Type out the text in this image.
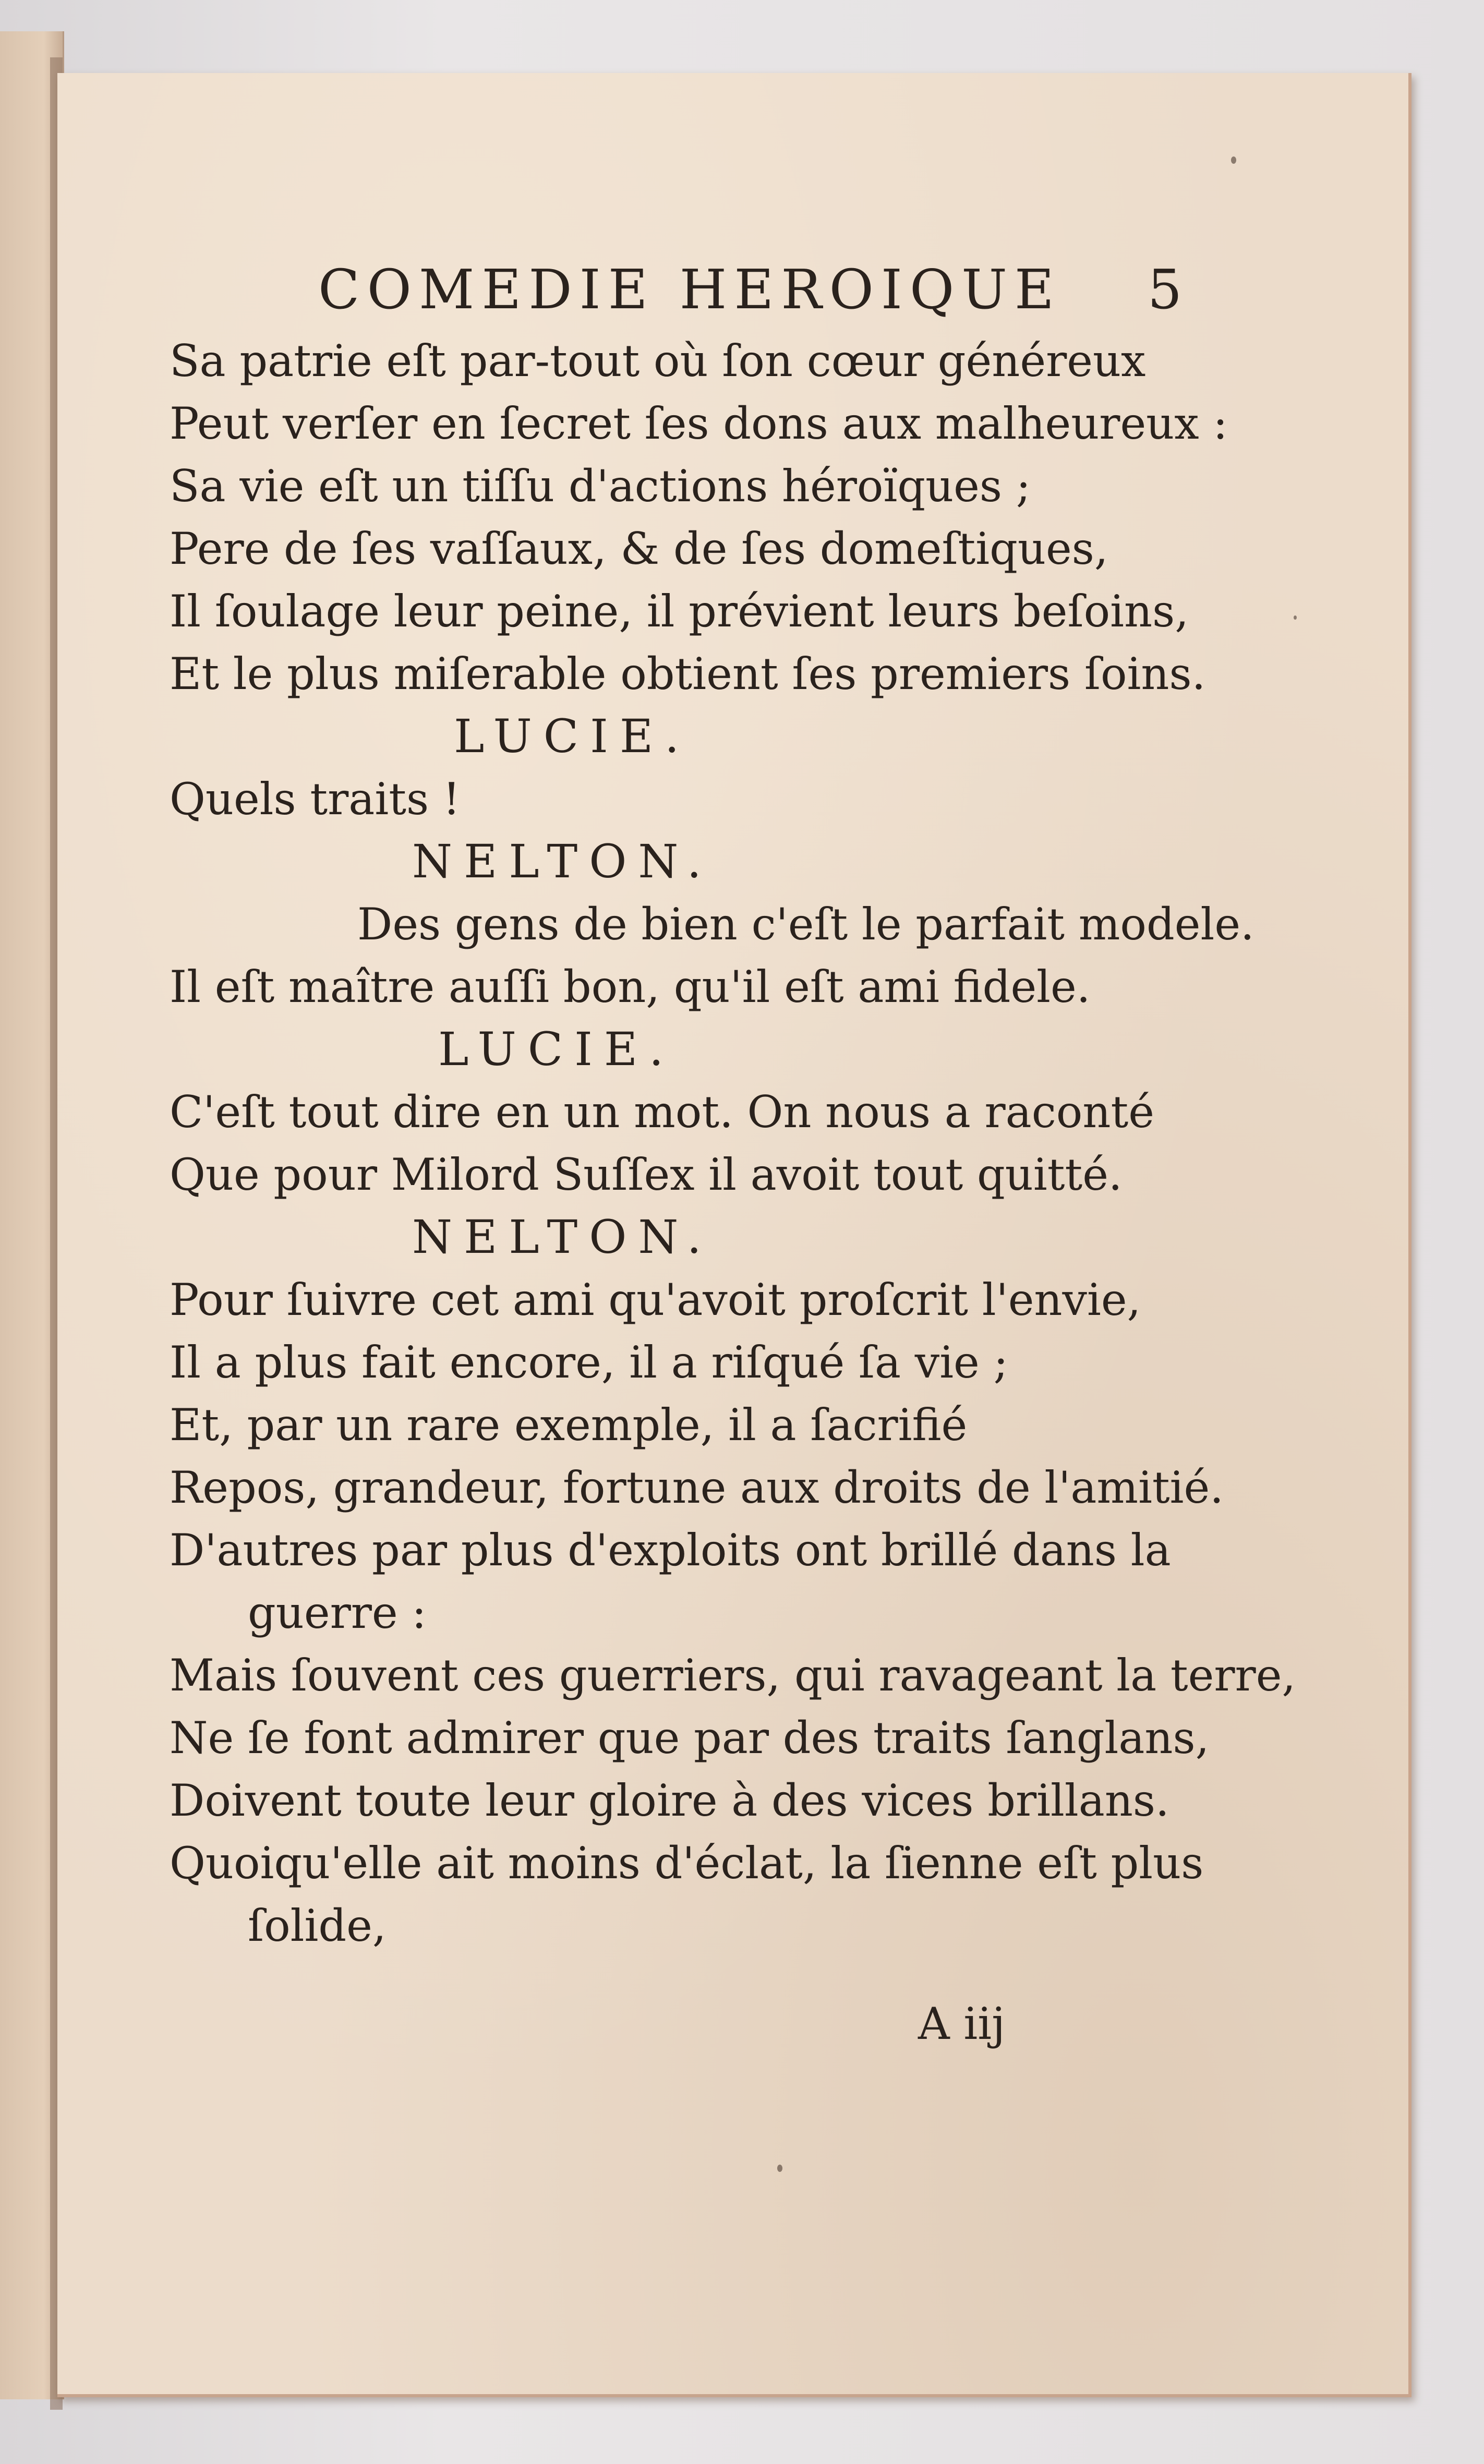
COMEDIE HEROIQUE 5
Sa patrie eſt par-tout où ſon cœur généreux
Peut verſer en ſecret ſes dons aux malheureux :
Sa vie eſt un tiſſu d'actions héroïques ;
Pere de ſes vaſſaux, & de ſes domeſtiques,
Il ſoulage leur peine, il prévient leurs beſoins,
Et le plus miſerable obtient ſes premiers ſoins.
LUCIE.
Quels traits !
NELTON.
Des gens de bien c'eſt le parfait modele.
Il eſt maître auſſi bon, qu'il eſt ami fidele.
LUCIE.
C'eſt tout dire en un mot. On nous a raconté
Que pour Milord Suſſex il avoit tout quitté.
NELTON.
Pour ſuivre cet ami qu'avoit proſcrit l'envie,
Il a plus fait encore, il a riſqué ſa vie ;
Et, par un rare exemple, il a ſacrifié
Repos, grandeur, fortune aux droits de l'amitié.
D'autres par plus d'exploits ont brillé dans la
guerre :
Mais ſouvent ces guerriers, qui ravageant la terre,
Ne ſe font admirer que par des traits ſanglans,
Doivent toute leur gloire à des vices brillans.
Quoiqu'elle ait moins d'éclat, la ſienne eſt plus
ſolide,
A iij
